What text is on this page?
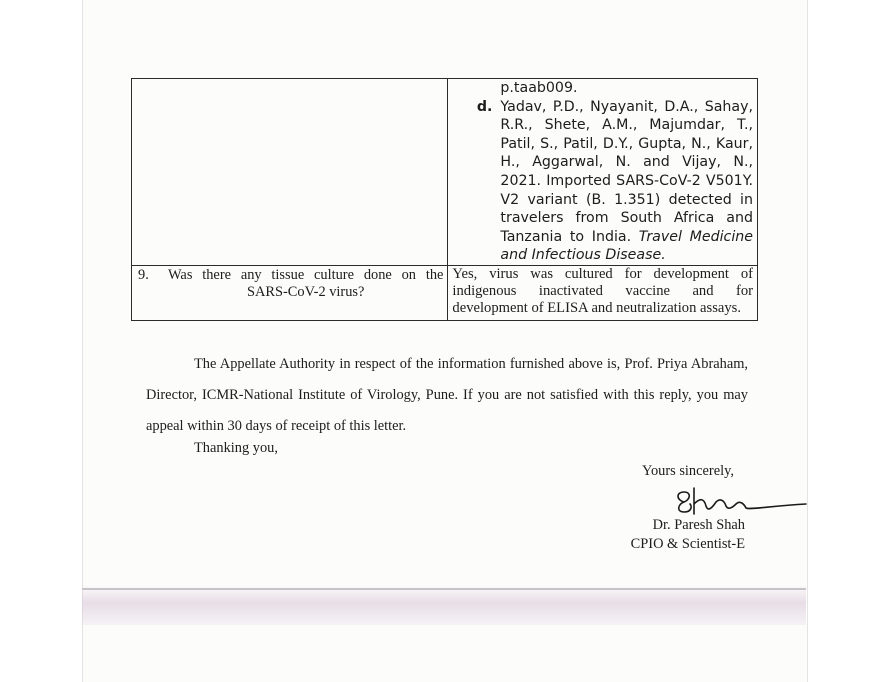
	p.taab009.
d. Yadav, P.D., Nyayanit, D.A., Sahay, R.R., Shete, A.M., Majumdar, T., Patil, S., Patil, D.Y., Gupta, N., Kaur, H., Aggarwal, N. and Vijay, N., 2021. Imported SARS-CoV-2 V501Y. V2 variant (B. 1.351) detected in travelers from South Africa and Tanzania to India. Travel Medicine and Infectious Disease.

9. Was there any tissue culture done on the SARS-CoV-2 virus?	Yes, virus was cultured for development of indigenous inactivated vaccine and for development of ELISA and neutralization assays.
The Appellate Authority in respect of the information furnished above is, Prof. Priya Abraham, Director, ICMR-National Institute of Virology, Pune. If you are not satisfied with this reply, you may appeal within 30 days of receipt of this letter.
Thanking you,
Yours sincerely,
Dr. Paresh Shah
CPIO & Scientist-E
